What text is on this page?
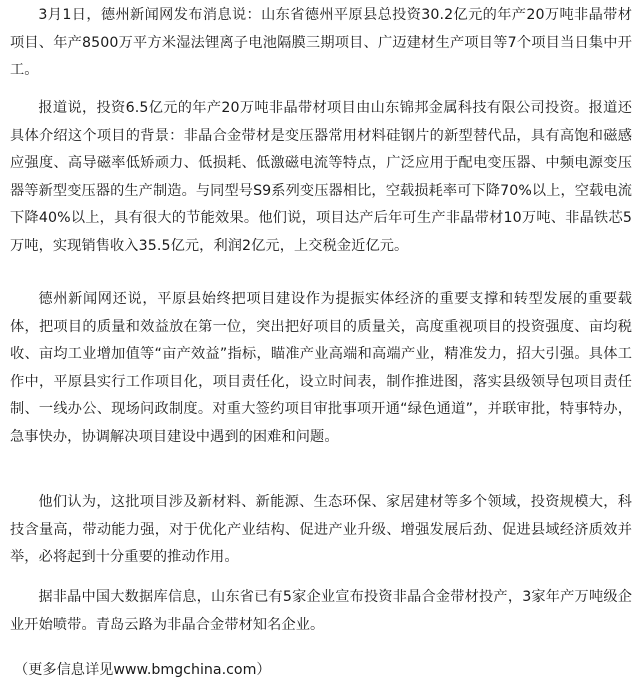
3月1日，德州新闻网发布消息说：山东省德州平原县总投资30.2亿元的年产20万吨非晶带材项目、年产8500万平方米湿法锂离子电池隔膜三期项目、广迈建材生产项目等7个项目当日集中开工。

报道说，投资6.5亿元的年产20万吨非晶带材项目由山东锦邦金属科技有限公司投资。报道还具体介绍这个项目的背景：非晶合金带材是变压器常用材料硅钢片的新型替代品，具有高饱和磁感应强度、高导磁率低矫顽力、低损耗、低激磁电流等特点，广泛应用于配电变压器、中频电源变压器等新型变压器的生产制造。与同型号S9系列变压器相比，空载损耗率可下降70%以上，空载电流下降40%以上，具有很大的节能效果。他们说，项目达产后年可生产非晶带材10万吨、非晶铁芯5万吨，实现销售收入35.5亿元，利润2亿元，上交税金近亿元。

德州新闻网还说，平原县始终把项目建设作为提振实体经济的重要支撑和转型发展的重要载体，把项目的质量和效益放在第一位，突出把好项目的质量关，高度重视项目的投资强度、亩均税收、亩均工业增加值等“亩产效益”指标，瞄准产业高端和高端产业，精准发力，招大引强。具体工作中，平原县实行工作项目化，项目责任化，设立时间表，制作推进图，落实县级领导包项目责任制、一线办公、现场问政制度。对重大签约项目审批事项开通“绿色通道”，并联审批，特事特办，急事快办，协调解决项目建设中遇到的困难和问题。

他们认为，这批项目涉及新材料、新能源、生态环保、家居建材等多个领域，投资规模大，科技含量高，带动能力强，对于优化产业结构、促进产业升级、增强发展后劲、促进县域经济质效并举，必将起到十分重要的推动作用。

据非晶中国大数据库信息，山东省已有5家企业宣布投资非晶合金带材投产，3家年产万吨级企业开始喷带。青岛云路为非晶合金带材知名企业。

（更多信息详见www.bmgchina.com）
